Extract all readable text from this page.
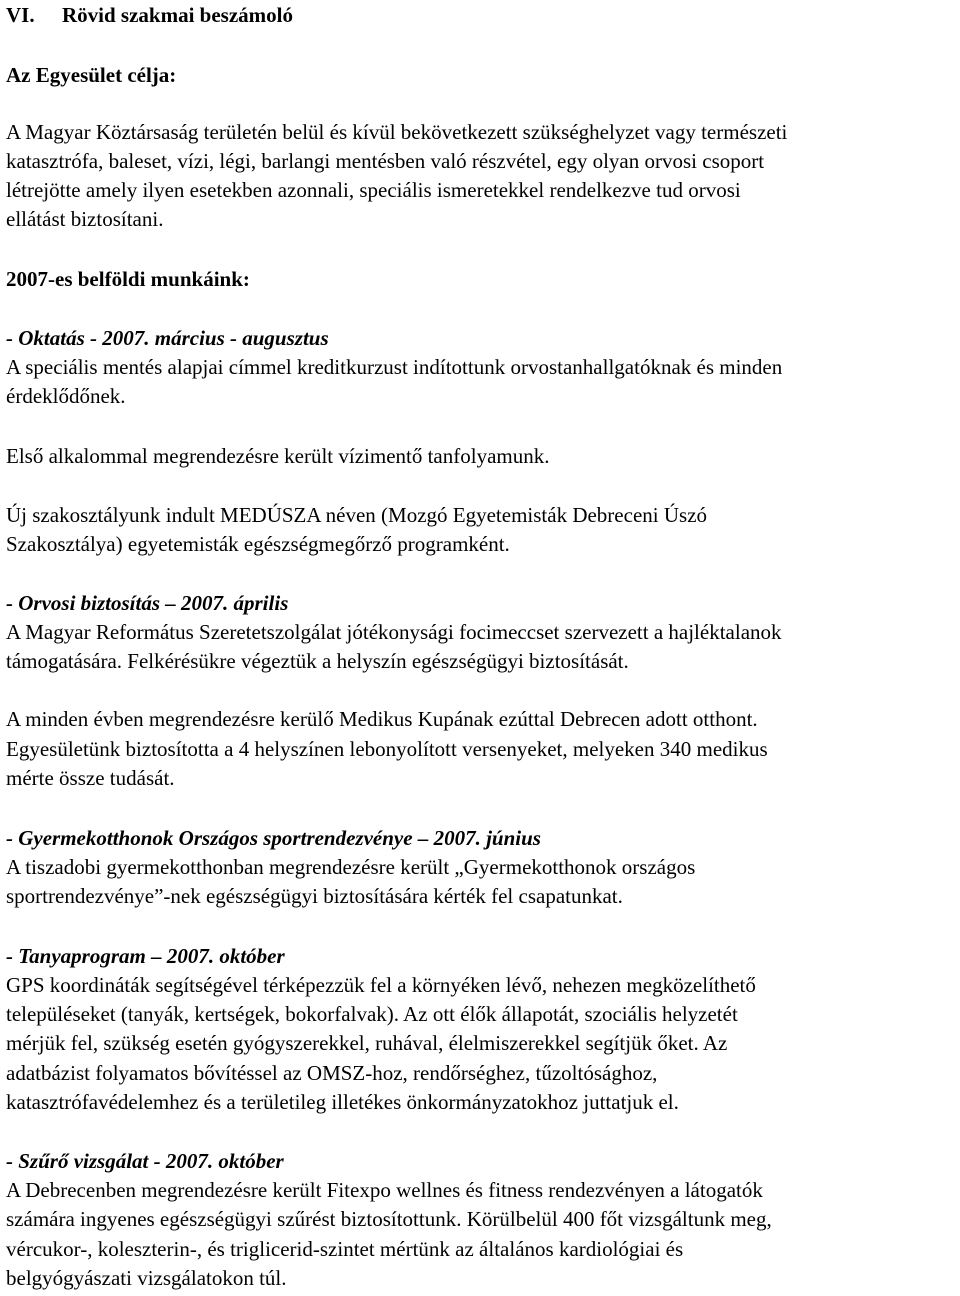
VI. Rövid szakmai beszámoló
Az Egyesület célja:
A Magyar Köztársaság területén belül és kívül bekövetkezett szükséghelyzet vagy természeti
katasztrófa, baleset, vízi, légi, barlangi mentésben való részvétel, egy olyan orvosi csoport
létrejötte amely ilyen esetekben azonnali, speciális ismeretekkel rendelkezve tud orvosi
ellátást biztosítani.
2007-es belföldi munkáink:
- Oktatás - 2007. március - augusztus
A speciális mentés alapjai címmel kreditkurzust indítottunk orvostanhallgatóknak és minden
érdeklődőnek.
Első alkalommal megrendezésre került vízimentő tanfolyamunk.
Új szakosztályunk indult MEDÚSZA néven (Mozgó Egyetemisták Debreceni Úszó
Szakosztálya) egyetemisták egészségmegőrző programként.
- Orvosi biztosítás – 2007. április
A Magyar Református Szeretetszolgálat jótékonysági focimeccset szervezett a hajléktalanok
támogatására. Felkérésükre végeztük a helyszín egészségügyi biztosítását.
A minden évben megrendezésre kerülő Medikus Kupának ezúttal Debrecen adott otthont.
Egyesületünk biztosította a 4 helyszínen lebonyolított versenyeket, melyeken 340 medikus
mérte össze tudását.
- Gyermekotthonok Országos sportrendezvénye – 2007. június
A tiszadobi gyermekotthonban megrendezésre került „Gyermekotthonok országos
sportrendezvénye”-nek egészségügyi biztosítására kérték fel csapatunkat.
- Tanyaprogram – 2007. október
GPS koordináták segítségével térképezzük fel a környéken lévő, nehezen megközelíthető
településeket (tanyák, kertségek, bokorfalvak). Az ott élők állapotát, szociális helyzetét
mérjük fel, szükség esetén gyógyszerekkel, ruhával, élelmiszerekkel segítjük őket. Az
adatbázist folyamatos bővítéssel az OMSZ-hoz, rendőrséghez, tűzoltósághoz,
katasztrófavédelemhez és a területileg illetékes önkormányzatokhoz juttatjuk el.
- Szűrő vizsgálat - 2007. október
A Debrecenben megrendezésre került Fitexpo wellnes és fitness rendezvényen a látogatók
számára ingyenes egészségügyi szűrést biztosítottunk. Körülbelül 400 főt vizsgáltunk meg,
vércukor-, koleszterin-, és triglicerid-szintet mértünk az általános kardiológiai és
belgyógyászati vizsgálatokon túl.
